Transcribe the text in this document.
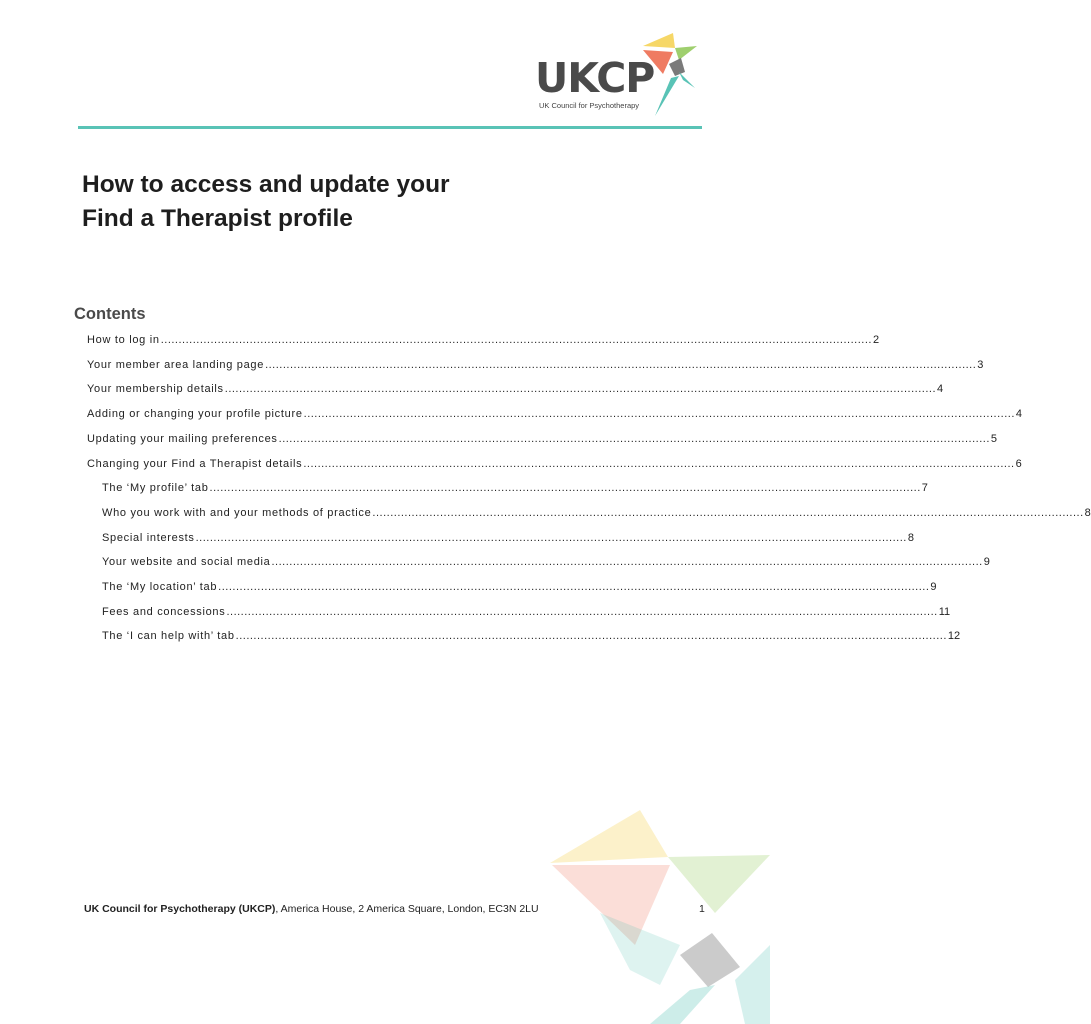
UKCP
UK Council for Psychotherapy
How to access and update your
Find a Therapist profile
Contents
How to log in ........................................................................................................................................................................................................ 2
Your member area landing page ........................................................................................................................................................................................................ 3
Your membership details ........................................................................................................................................................................................................ 4
Adding or changing your profile picture ........................................................................................................................................................................................................ 4
Updating your mailing preferences ........................................................................................................................................................................................................ 5
Changing your Find a Therapist details ........................................................................................................................................................................................................ 6
The ‘My profile’ tab ........................................................................................................................................................................................................ 7
Who you work with and your methods of practice ........................................................................................................................................................................................................ 8
Special interests ........................................................................................................................................................................................................ 8
Your website and social media ........................................................................................................................................................................................................ 9
The ‘My location’ tab ........................................................................................................................................................................................................ 9
Fees and concessions ........................................................................................................................................................................................................ 11
The ‘I can help with’ tab ........................................................................................................................................................................................................ 12
UK Council for Psychotherapy (UKCP), America House, 2 America Square, London, EC3N 2LU	1
